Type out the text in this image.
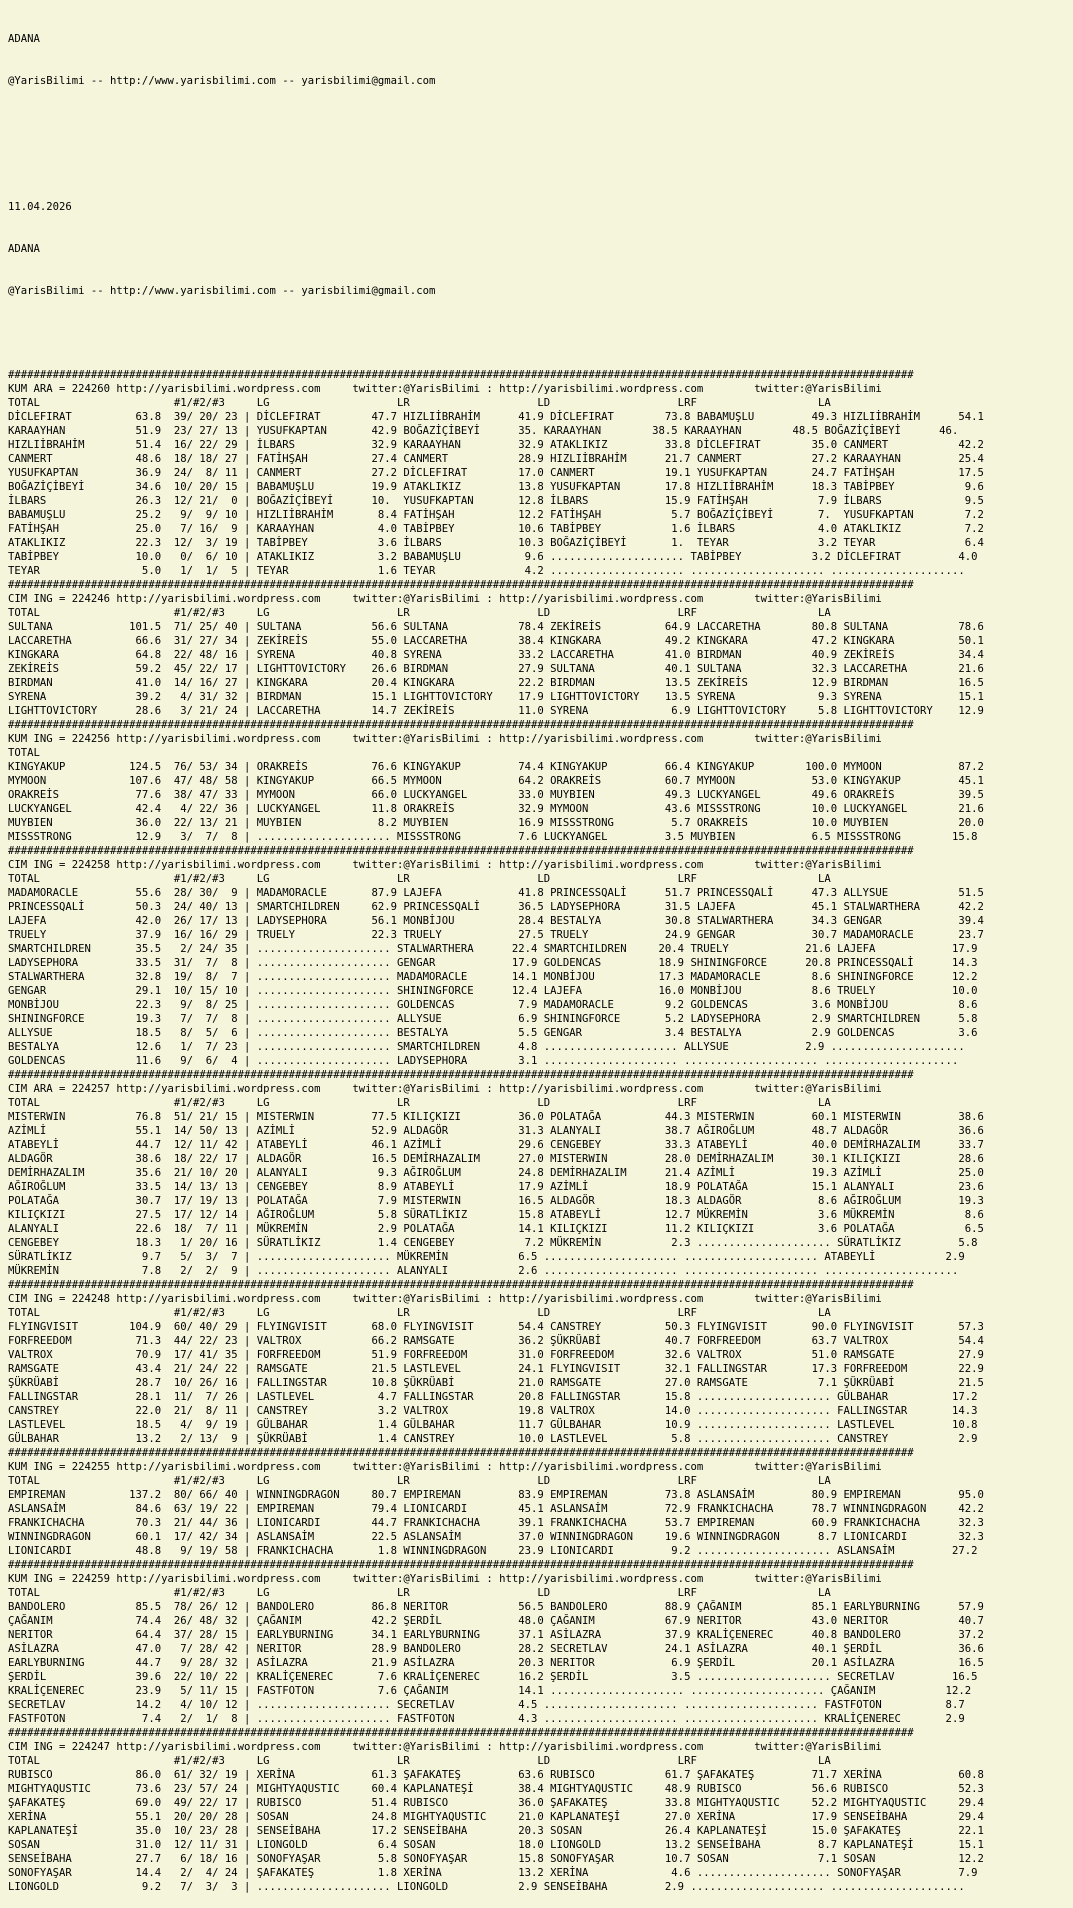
ADANA

@YarisBilimi -- http://www.yarisbilimi.com -- yarisbilimi@gmail.com

11.04.2026

ADANA

@YarisBilimi -- http://www.yarisbilimi.com -- yarisbilimi@gmail.com

##############################################################################################################################################
KUM ARA = 224260 http://yarisbilimi.wordpress.com     twitter:@YarisBilimi : http://yarisbilimi.wordpress.com        twitter:@YarisBilimi
TOTAL                     #1/#2/#3     LG                    LR                    LD                    LRF                   LA
DİCLEFIRAT          63.8  39/ 20/ 23 | DİCLEFIRAT        47.7 HIZLIİBRAHİM      41.9 DİCLEFIRAT        73.8 BABAMUŞLU         49.3 HIZLIİBRAHİM      54.1
KARAAYHAN           51.9  23/ 27/ 13 | YUSUFKAPTAN       42.9 BOĞAZİÇİBEYİ      35. KARAAYHAN        38.5 KARAAYHAN        48.5 BOĞAZİÇİBEYİ      46.
HIZLIİBRAHİM        51.4  16/ 22/ 29 | İLBARS            32.9 KARAAYHAN         32.9 ATAKLIKIZ         33.8 DİCLEFIRAT        35.0 CANMERT           42.2
CANMERT             48.6  18/ 18/ 27 | FATİHŞAH          27.4 CANMERT           28.9 HIZLIİBRAHİM      21.7 CANMERT           27.2 KARAAYHAN         25.4
YUSUFKAPTAN         36.9  24/  8/ 11 | CANMERT           27.2 DİCLEFIRAT        17.0 CANMERT           19.1 YUSUFKAPTAN       24.7 FATİHŞAH          17.5
BOĞAZİÇİBEYİ        34.6  10/ 20/ 15 | BABAMUŞLU         19.9 ATAKLIKIZ         13.8 YUSUFKAPTAN       17.8 HIZLIİBRAHİM      18.3 TABİPBEY           9.6
İLBARS              26.3  12/ 21/  0 | BOĞAZİÇİBEYİ      10.  YUSUFKAPTAN       12.8 İLBARS            15.9 FATİHŞAH           7.9 İLBARS             9.5
BABAMUŞLU           25.2   9/  9/ 10 | HIZLIİBRAHİM       8.4 FATİHŞAH          12.2 FATİHŞAH           5.7 BOĞAZİÇİBEYİ       7.  YUSUFKAPTAN        7.2
FATİHŞAH            25.0   7/ 16/  9 | KARAAYHAN          4.0 TABİPBEY          10.6 TABİPBEY           1.6 İLBARS             4.0 ATAKLIKIZ          7.2
ATAKLIKIZ           22.3  12/  3/ 19 | TABİPBEY           3.6 İLBARS            10.3 BOĞAZİÇİBEYİ       1.  TEYAR              3.2 TEYAR              6.4
TABİPBEY            10.0   0/  6/ 10 | ATAKLIKIZ          3.2 BABAMUŞLU          9.6 ..................... TABİPBEY           3.2 DİCLEFIRAT         4.0
TEYAR                5.0   1/  1/  5 | TEYAR              1.6 TEYAR              4.2 ..................... ..................... .....................
##############################################################################################################################################
CIM ING = 224246 http://yarisbilimi.wordpress.com     twitter:@YarisBilimi : http://yarisbilimi.wordpress.com        twitter:@YarisBilimi
TOTAL                     #1/#2/#3     LG                    LR                    LD                    LRF                   LA
SULTANA            101.5  71/ 25/ 40 | SULTANA           56.6 SULTANA           78.4 ZEKİREİS          64.9 LACCARETHA        80.8 SULTANA           78.6
LACCARETHA          66.6  31/ 27/ 34 | ZEKİREİS          55.0 LACCARETHA        38.4 KINGKARA          49.2 KINGKARA          47.2 KINGKARA          50.1
KINGKARA            64.8  22/ 48/ 16 | SYRENA            40.8 SYRENA            33.2 LACCARETHA        41.0 BIRDMAN           40.9 ZEKİREİS          34.4
ZEKİREİS            59.2  45/ 22/ 17 | LIGHTTOVICTORY    26.6 BIRDMAN           27.9 SULTANA           40.1 SULTANA           32.3 LACCARETHA        21.6
BIRDMAN             41.0  14/ 16/ 27 | KINGKARA          20.4 KINGKARA          22.2 BIRDMAN           13.5 ZEKİREİS          12.9 BIRDMAN           16.5
SYRENA              39.2   4/ 31/ 32 | BIRDMAN           15.1 LIGHTTOVICTORY    17.9 LIGHTTOVICTORY    13.5 SYRENA             9.3 SYRENA            15.1
LIGHTTOVICTORY      28.6   3/ 21/ 24 | LACCARETHA        14.7 ZEKİREİS          11.0 SYRENA             6.9 LIGHTTOVICTORY     5.8 LIGHTTOVICTORY    12.9
##############################################################################################################################################
KUM ING = 224256 http://yarisbilimi.wordpress.com     twitter:@YarisBilimi : http://yarisbilimi.wordpress.com        twitter:@YarisBilimi
TOTAL
KINGYAKUP          124.5  76/ 53/ 34 | ORAKREİS          76.6 KINGYAKUP         74.4 KINGYAKUP         66.4 KINGYAKUP        100.0 MYMOON            87.2
MYMOON             107.6  47/ 48/ 58 | KINGYAKUP         66.5 MYMOON            64.2 ORAKREİS          60.7 MYMOON            53.0 KINGYAKUP         45.1
ORAKREİS            77.6  38/ 47/ 33 | MYMOON            66.0 LUCKYANGEL        33.0 MUYBIEN           49.3 LUCKYANGEL        49.6 ORAKREİS          39.5
LUCKYANGEL          42.4   4/ 22/ 36 | LUCKYANGEL        11.8 ORAKREİS          32.9 MYMOON            43.6 MISSSTRONG        10.0 LUCKYANGEL        21.6
MUYBIEN             36.0  22/ 13/ 21 | MUYBIEN            8.2 MUYBIEN           16.9 MISSSTRONG         5.7 ORAKREİS          10.0 MUYBIEN           20.0
MISSSTRONG          12.9   3/  7/  8 | ..................... MISSSTRONG         7.6 LUCKYANGEL         3.5 MUYBIEN            6.5 MISSSTRONG        15.8
##############################################################################################################################################
CIM ING = 224258 http://yarisbilimi.wordpress.com     twitter:@YarisBilimi : http://yarisbilimi.wordpress.com        twitter:@YarisBilimi
TOTAL                     #1/#2/#3     LG                    LR                    LD                    LRF                   LA
MADAMORACLE         55.6  28/ 30/  9 | MADAMORACLE       87.9 LAJEFA            41.8 PRINCESSQALİ      51.7 PRINCESSQALİ      47.3 ALLYSUE           51.5
PRINCESSQALİ        50.3  24/ 40/ 13 | SMARTCHILDREN     62.9 PRINCESSQALİ      36.5 LADYSEPHORA       31.5 LAJEFA            45.1 STALWARTHERA      42.2
LAJEFA              42.0  26/ 17/ 13 | LADYSEPHORA       56.1 MONBİJOU          28.4 BESTALYA          30.8 STALWARTHERA      34.3 GENGAR            39.4
TRUELY              37.9  16/ 16/ 29 | TRUELY            22.3 TRUELY            27.5 TRUELY            24.9 GENGAR            30.7 MADAMORACLE       23.7
SMARTCHILDREN       35.5   2/ 24/ 35 | ..................... STALWARTHERA      22.4 SMARTCHILDREN     20.4 TRUELY            21.6 LAJEFA            17.9
LADYSEPHORA         33.5  31/  7/  8 | ..................... GENGAR            17.9 GOLDENCAS         18.9 SHININGFORCE      20.8 PRINCESSQALİ      14.3
STALWARTHERA        32.8  19/  8/  7 | ..................... MADAMORACLE       14.1 MONBİJOU          17.3 MADAMORACLE        8.6 SHININGFORCE      12.2
GENGAR              29.1  10/ 15/ 10 | ..................... SHININGFORCE      12.4 LAJEFA            16.0 MONBİJOU           8.6 TRUELY            10.0
MONBİJOU            22.3   9/  8/ 25 | ..................... GOLDENCAS          7.9 MADAMORACLE        9.2 GOLDENCAS          3.6 MONBİJOU           8.6
SHININGFORCE        19.3   7/  7/  8 | ..................... ALLYSUE            6.9 SHININGFORCE       5.2 LADYSEPHORA        2.9 SMARTCHILDREN      5.8
ALLYSUE             18.5   8/  5/  6 | ..................... BESTALYA           5.5 GENGAR             3.4 BESTALYA           2.9 GOLDENCAS          3.6
BESTALYA            12.6   1/  7/ 23 | ..................... SMARTCHILDREN      4.8 ..................... ALLYSUE            2.9 .....................
GOLDENCAS           11.6   9/  6/  4 | ..................... LADYSEPHORA        3.1 ..................... ..................... .....................
##############################################################################################################################################
CIM ARA = 224257 http://yarisbilimi.wordpress.com     twitter:@YarisBilimi : http://yarisbilimi.wordpress.com        twitter:@YarisBilimi
TOTAL                     #1/#2/#3     LG                    LR                    LD                    LRF                   LA
MISTERWIN           76.8  51/ 21/ 15 | MISTERWIN         77.5 KILIÇKIZI         36.0 POLATAĞA          44.3 MISTERWIN         60.1 MISTERWIN         38.6
AZİMLİ              55.1  14/ 50/ 13 | AZİMLİ            52.9 ALDAGÖR           31.3 ALANYALI          38.7 AĞIROĞLUM         48.7 ALDAGÖR           36.6
ATABEYLİ            44.7  12/ 11/ 42 | ATABEYLİ          46.1 AZİMLİ            29.6 CENGEBEY          33.3 ATABEYLİ          40.0 DEMİRHAZALIM      33.7
ALDAGÖR             38.6  18/ 22/ 17 | ALDAGÖR           16.5 DEMİRHAZALIM      27.0 MISTERWIN         28.0 DEMİRHAZALIM      30.1 KILIÇKIZI         28.6
DEMİRHAZALIM        35.6  21/ 10/ 20 | ALANYALI           9.3 AĞIROĞLUM         24.8 DEMİRHAZALIM      21.4 AZİMLİ            19.3 AZİMLİ            25.0
AĞIROĞLUM           33.5  14/ 13/ 13 | CENGEBEY           8.9 ATABEYLİ          17.9 AZİMLİ            18.9 POLATAĞA          15.1 ALANYALI          23.6
POLATAĞA            30.7  17/ 19/ 13 | POLATAĞA           7.9 MISTERWIN         16.5 ALDAGÖR           18.3 ALDAGÖR            8.6 AĞIROĞLUM         19.3
KILIÇKIZI           27.5  17/ 12/ 14 | AĞIROĞLUM          5.8 SÜRATLİKIZ        15.8 ATABEYLİ          12.7 MÜKREMİN           3.6 MÜKREMİN           8.6
ALANYALI            22.6  18/  7/ 11 | MÜKREMİN           2.9 POLATAĞA          14.1 KILIÇKIZI         11.2 KILIÇKIZI          3.6 POLATAĞA           6.5
CENGEBEY            18.3   1/ 20/ 16 | SÜRATLİKIZ         1.4 CENGEBEY           7.2 MÜKREMİN           2.3 ..................... SÜRATLİKIZ         5.8
SÜRATLİKIZ           9.7   5/  3/  7 | ..................... MÜKREMİN           6.5 ..................... ..................... ATABEYLİ           2.9
MÜKREMİN             7.8   2/  2/  9 | ..................... ALANYALI           2.6 ..................... ..................... .....................
##############################################################################################################################################
CIM ING = 224248 http://yarisbilimi.wordpress.com     twitter:@YarisBilimi : http://yarisbilimi.wordpress.com        twitter:@YarisBilimi
TOTAL                     #1/#2/#3     LG                    LR                    LD                    LRF                   LA
FLYINGVISIT        104.9  60/ 40/ 29 | FLYINGVISIT       68.0 FLYINGVISIT       54.4 CANSTREY          50.3 FLYINGVISIT       90.0 FLYINGVISIT       57.3
FORFREEDOM          71.3  44/ 22/ 23 | VALTROX           66.2 RAMSGATE          36.2 ŞÜKRÜABİ          40.7 FORFREEDOM        63.7 VALTROX           54.4
VALTROX             70.9  17/ 41/ 35 | FORFREEDOM        51.9 FORFREEDOM        31.0 FORFREEDOM        32.6 VALTROX           51.0 RAMSGATE          27.9
RAMSGATE            43.4  21/ 24/ 22 | RAMSGATE          21.5 LASTLEVEL         24.1 FLYINGVISIT       32.1 FALLINGSTAR       17.3 FORFREEDOM        22.9
ŞÜKRÜABİ            28.7  10/ 26/ 16 | FALLINGSTAR       10.8 ŞÜKRÜABİ          21.0 RAMSGATE          27.0 RAMSGATE           7.1 ŞÜKRÜABİ          21.5
FALLINGSTAR         28.1  11/  7/ 26 | LASTLEVEL          4.7 FALLINGSTAR       20.8 FALLINGSTAR       15.8 ..................... GÜLBAHAR          17.2
CANSTREY            22.0  21/  8/ 11 | CANSTREY           3.2 VALTROX           19.8 VALTROX           14.0 ..................... FALLINGSTAR       14.3
LASTLEVEL           18.5   4/  9/ 19 | GÜLBAHAR           1.4 GÜLBAHAR          11.7 GÜLBAHAR          10.9 ..................... LASTLEVEL         10.8
GÜLBAHAR            13.2   2/ 13/  9 | ŞÜKRÜABİ           1.4 CANSTREY          10.0 LASTLEVEL          5.8 ..................... CANSTREY           2.9
##############################################################################################################################################
KUM ING = 224255 http://yarisbilimi.wordpress.com     twitter:@YarisBilimi : http://yarisbilimi.wordpress.com        twitter:@YarisBilimi
TOTAL                     #1/#2/#3     LG                    LR                    LD                    LRF                   LA
EMPIREMAN          137.2  80/ 66/ 40 | WINNINGDRAGON     80.7 EMPIREMAN         83.9 EMPIREMAN         73.8 ASLANSAİM         80.9 EMPIREMAN         95.0
ASLANSAİM           84.6  63/ 19/ 22 | EMPIREMAN         79.4 LIONICARDI        45.1 ASLANSAİM         72.9 FRANKICHACHA      78.7 WINNINGDRAGON     42.2
FRANKICHACHA        70.3  21/ 44/ 36 | LIONICARDI        44.7 FRANKICHACHA      39.1 FRANKICHACHA      53.7 EMPIREMAN         60.9 FRANKICHACHA      32.3
WINNINGDRAGON       60.1  17/ 42/ 34 | ASLANSAİM         22.5 ASLANSAİM         37.0 WINNINGDRAGON     19.6 WINNINGDRAGON      8.7 LIONICARDI        32.3
LIONICARDI          48.8   9/ 19/ 58 | FRANKICHACHA       1.8 WINNINGDRAGON     23.9 LIONICARDI         9.2 ..................... ASLANSAİM         27.2
##############################################################################################################################################
KUM ING = 224259 http://yarisbilimi.wordpress.com     twitter:@YarisBilimi : http://yarisbilimi.wordpress.com        twitter:@YarisBilimi
TOTAL                     #1/#2/#3     LG                    LR                    LD                    LRF                   LA
BANDOLERO           85.5  78/ 26/ 12 | BANDOLERO         86.8 NERITOR           56.5 BANDOLERO         88.9 ÇAĞANIM           85.1 EARLYBURNING      57.9
ÇAĞANIM             74.4  26/ 48/ 32 | ÇAĞANIM           42.2 ŞERDİL            48.0 ÇAĞANIM           67.9 NERITOR           43.0 NERITOR           40.7
NERITOR             64.4  37/ 28/ 15 | EARLYBURNING      34.1 EARLYBURNING      37.1 ASİLAZRA          37.9 KRALİÇENEREC      40.8 BANDOLERO         37.2
ASİLAZRA            47.0   7/ 28/ 42 | NERITOR           28.9 BANDOLERO         28.2 SECRETLAV         24.1 ASİLAZRA          40.1 ŞERDİL            36.6
EARLYBURNING        44.7   9/ 28/ 32 | ASİLAZRA          21.9 ASİLAZRA          20.3 NERITOR            6.9 ŞERDİL            20.1 ASİLAZRA          16.5
ŞERDİL              39.6  22/ 10/ 22 | KRALİÇENEREC       7.6 KRALİÇENEREC      16.2 ŞERDİL             3.5 ..................... SECRETLAV         16.5
KRALİÇENEREC        23.9   5/ 11/ 15 | FASTFOTON          7.6 ÇAĞANIM           14.1 ..................... ..................... ÇAĞANIM           12.2
SECRETLAV           14.2   4/ 10/ 12 | ..................... SECRETLAV          4.5 ..................... ..................... FASTFOTON          8.7
FASTFOTON            7.4   2/  1/  8 | ..................... FASTFOTON          4.3 ..................... ..................... KRALİÇENEREC       2.9
##############################################################################################################################################
CIM ING = 224247 http://yarisbilimi.wordpress.com     twitter:@YarisBilimi : http://yarisbilimi.wordpress.com        twitter:@YarisBilimi
TOTAL                     #1/#2/#3     LG                    LR                    LD                    LRF                   LA
RUBISCO             86.0  61/ 32/ 19 | XERİNA            61.3 ŞAFAKATEŞ         63.6 RUBISCO           61.7 ŞAFAKATEŞ         71.7 XERİNA            60.8
MIGHTYAQUSTIC       73.6  23/ 57/ 24 | MIGHTYAQUSTIC     60.4 KAPLANATEŞİ       38.4 MIGHTYAQUSTIC     48.9 RUBISCO           56.6 RUBISCO           52.3
ŞAFAKATEŞ           69.0  49/ 22/ 17 | RUBISCO           51.4 RUBISCO           36.0 ŞAFAKATEŞ         33.8 MIGHTYAQUSTIC     52.2 MIGHTYAQUSTIC     29.4
XERİNA              55.1  20/ 20/ 28 | SOSAN             24.8 MIGHTYAQUSTIC     21.0 KAPLANATEŞİ       27.0 XERİNA            17.9 SENSEİBAHA        29.4
KAPLANATEŞİ         35.0  10/ 23/ 28 | SENSEİBAHA        17.2 SENSEİBAHA        20.3 SOSAN             26.4 KAPLANATEŞİ       15.0 ŞAFAKATEŞ         22.1
SOSAN               31.0  12/ 11/ 31 | LIONGOLD           6.4 SOSAN             18.0 LIONGOLD          13.2 SENSEİBAHA         8.7 KAPLANATEŞİ       15.1
SENSEİBAHA          27.7   6/ 18/ 16 | SONOFYAŞAR         5.8 SONOFYAŞAR        15.8 SONOFYAŞAR        10.7 SOSAN              7.1 SOSAN             12.2
SONOFYAŞAR          14.4   2/  4/ 24 | ŞAFAKATEŞ          1.8 XERİNA            13.2 XERİNA             4.6 ..................... SONOFYAŞAR         7.9
LIONGOLD             9.2   7/  3/  3 | ..................... LIONGOLD           2.9 SENSEİBAHA         2.9 ..................... .....................
